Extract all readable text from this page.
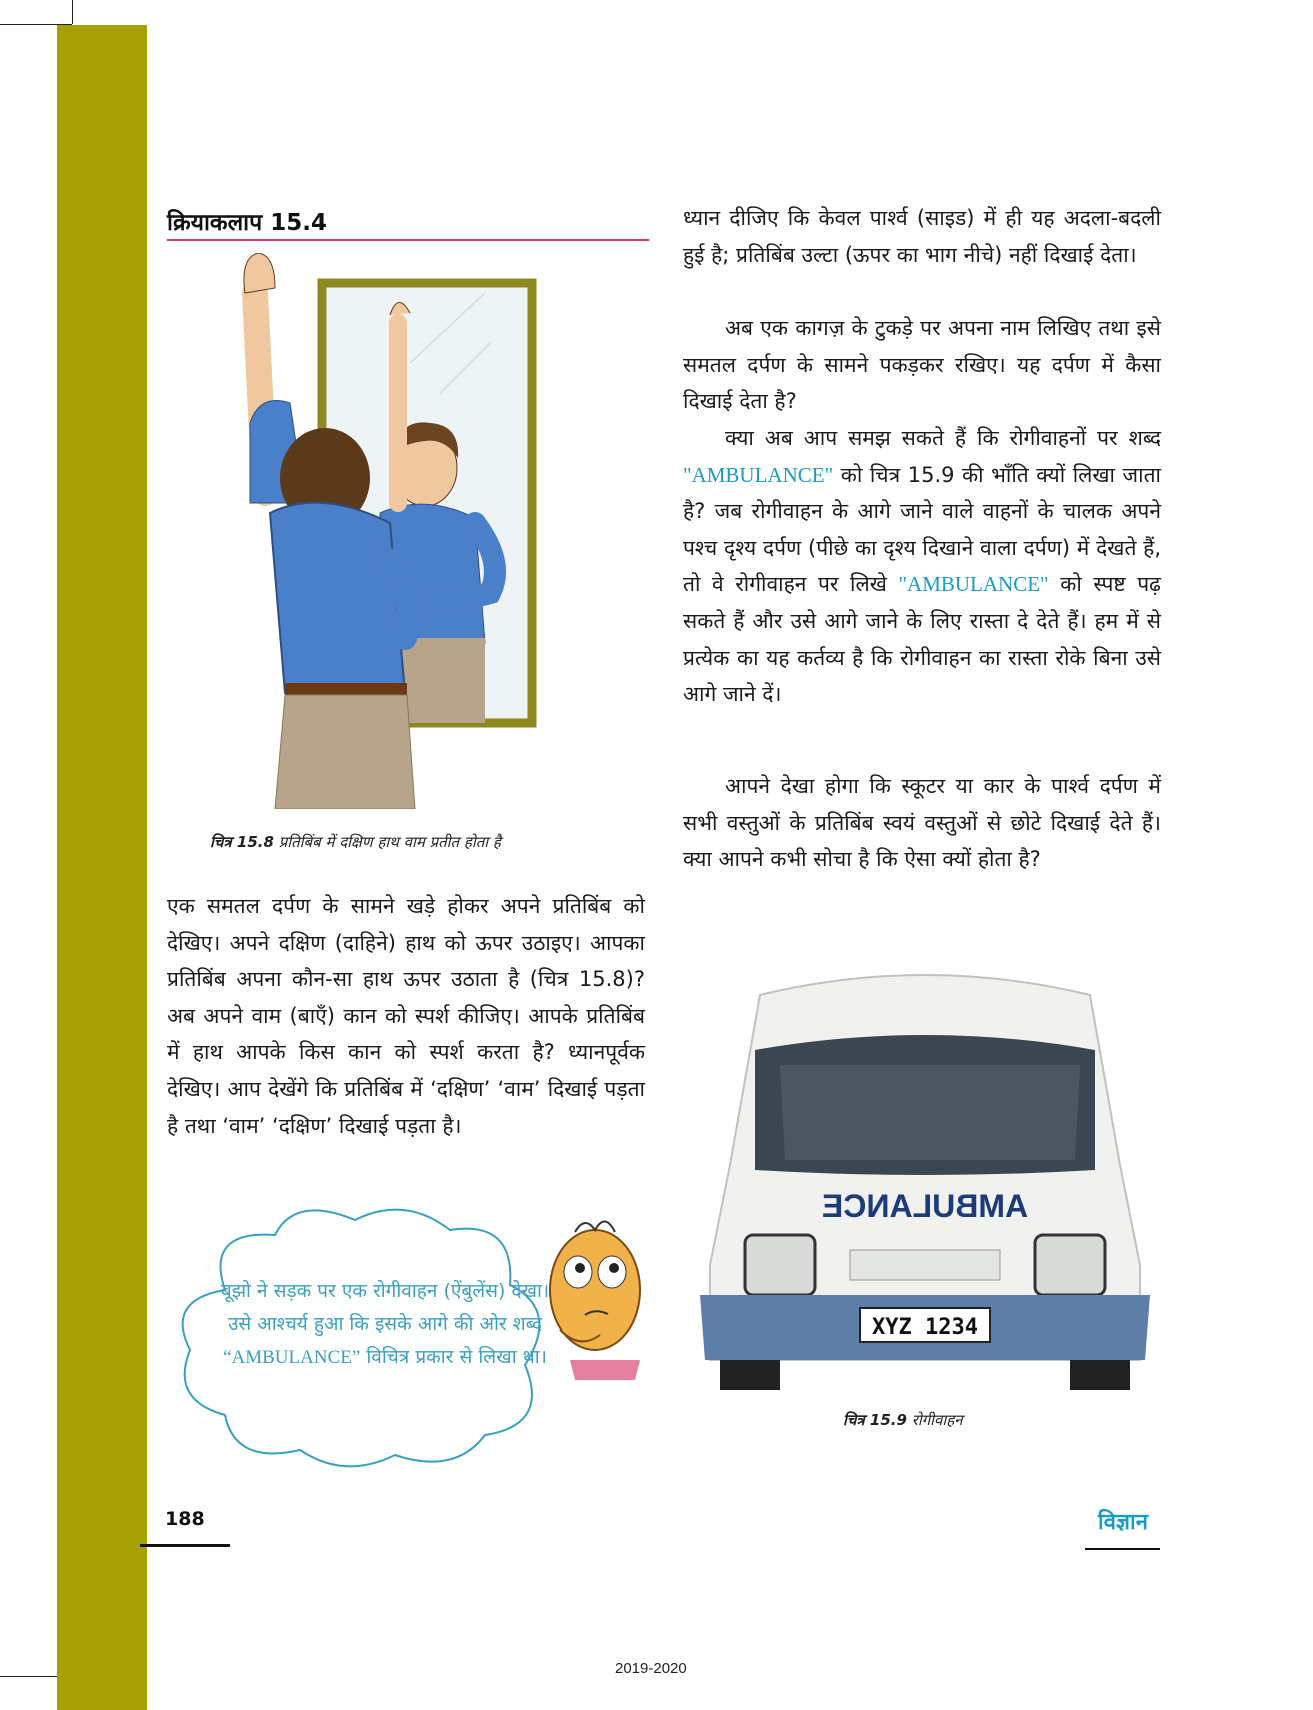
क्रियाकलाप 15.4
चित्र 15.8 प्रतिबिंब में दक्षिण हाथ वाम प्रतीत होता है

एक समतल दर्पण के सामने खड़े होकर अपने प्रतिबिंब को देखिए। अपने दक्षिण (दाहिने) हाथ को ऊपर उठाइए। आपका प्रतिबिंब अपना कौन-सा हाथ ऊपर उठाता है (चित्र 15.8)? अब अपने वाम (बाएँ) कान को स्पर्श कीजिए। आपके प्रतिबिंब में हाथ आपके किस कान को स्पर्श करता है? ध्यानपूर्वक देखिए। आप देखेंगे कि प्रतिबिंब में ‘दक्षिण’ ‘वाम’ दिखाई पड़ता है तथा ‘वाम’ ‘दक्षिण’ दिखाई पड़ता है।

बूझो ने सड़क पर एक रोगीवाहन (ऐंबुलेंस) देखा। उसे आश्चर्य हुआ कि इसके आगे की ओर शब्द “AMBULANCE” विचित्र प्रकार से लिखा था।

ध्यान दीजिए कि केवल पार्श्व (साइड) में ही यह अदला-बदली हुई है; प्रतिबिंब उल्टा (ऊपर का भाग नीचे) नहीं दिखाई देता।

अब एक कागज़ के टुकड़े पर अपना नाम लिखिए तथा इसे समतल दर्पण के सामने पकड़कर रखिए। यह दर्पण में कैसा दिखाई देता है?

क्या अब आप समझ सकते हैं कि रोगीवाहनों पर शब्द "AMBULANCE" को चित्र 15.9 की भाँति क्यों लिखा जाता है? जब रोगीवाहन के आगे जाने वाले वाहनों के चालक अपने पश्च दृश्य दर्पण (पीछे का दृश्य दिखाने वाला दर्पण) में देखते हैं, तो वे रोगीवाहन पर लिखे "AMBULANCE" को स्पष्ट पढ़ सकते हैं और उसे आगे जाने के लिए रास्ता दे देते हैं। हम में से प्रत्येक का यह कर्तव्य है कि रोगीवाहन का रास्ता रोके बिना उसे आगे जाने दें।

आपने देखा होगा कि स्कूटर या कार के पार्श्व दर्पण में सभी वस्तुओं के प्रतिबिंब स्वयं वस्तुओं से छोटे दिखाई देते हैं। क्या आपने कभी सोचा है कि ऐसा क्यों होता है?

AMBULANCE
XYZ 1234
चित्र 15.9 रोगीवाहन
188	विज्ञान
2019-2020
